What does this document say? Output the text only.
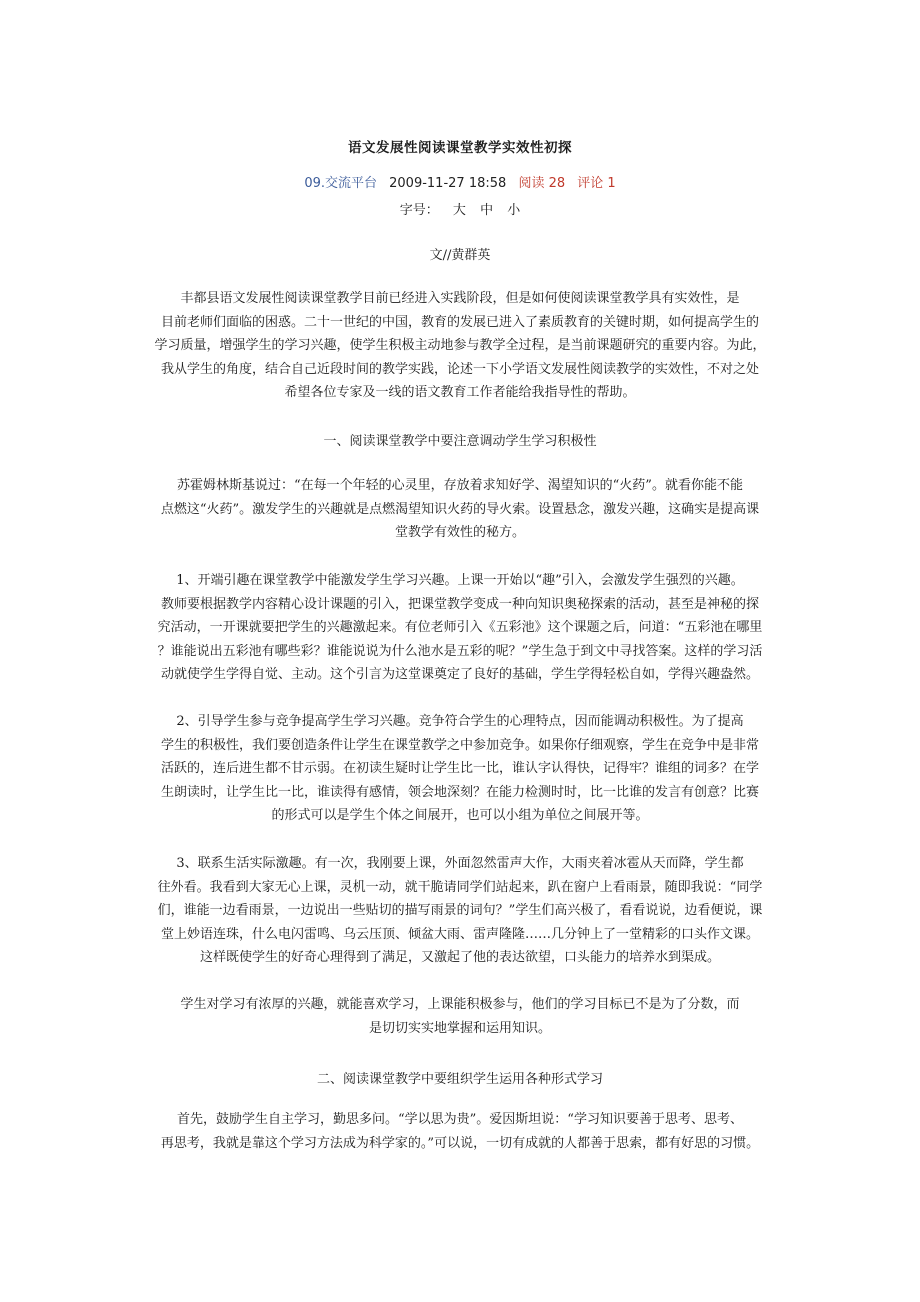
语文发展性阅读课堂教学实效性初探
09.交流平台 2009-11-27 18:58 阅读 28 评论 1
字号： 大 中 小
文//黄群英

丰都县语文发展性阅读课堂教学目前已经进入实践阶段，但是如何使阅读课堂教学具有实效性，是
目前老师们面临的困惑。二十一世纪的中国，教育的发展已进入了素质教育的关键时期，如何提高学生的
学习质量，增强学生的学习兴趣，使学生积极主动地参与教学全过程，是当前课题研究的重要内容。为此，
我从学生的角度，结合自己近段时间的教学实践，论述一下小学语文发展性阅读教学的实效性，不对之处
希望各位专家及一线的语文教育工作者能给我指导性的帮助。

一、阅读课堂教学中要注意调动学生学习积极性

苏霍姆林斯基说过：“在每一个年轻的心灵里，存放着求知好学、渴望知识的“火药”。就看你能不能
点燃这“火药”。激发学生的兴趣就是点燃渴望知识火药的导火索。设置悬念，激发兴趣，这确实是提高课
堂教学有效性的秘方。

1、开端引趣在课堂教学中能激发学生学习兴趣。上课一开始以“趣”引入，会激发学生强烈的兴趣。
教师要根据教学内容精心设计课题的引入，把课堂教学变成一种向知识奥秘探索的活动，甚至是神秘的探
究活动，一开课就要把学生的兴趣激起来。有位老师引入《五彩池》这个课题之后，问道：“五彩池在哪里
？谁能说出五彩池有哪些彩？谁能说说为什么池水是五彩的呢？”学生急于到文中寻找答案。这样的学习活
动就使学生学得自觉、主动。这个引言为这堂课奠定了良好的基础，学生学得轻松自如，学得兴趣盎然。

2、引导学生参与竞争提高学生学习兴趣。竞争符合学生的心理特点，因而能调动积极性。为了提高
学生的积极性，我们要创造条件让学生在课堂教学之中参加竞争。如果你仔细观察，学生在竞争中是非常
活跃的，连后进生都不甘示弱。在初读生疑时让学生比一比，谁认字认得快，记得牢？谁组的词多？在学
生朗读时，让学生比一比，谁读得有感情，领会地深刻？在能力检测时时，比一比谁的发言有创意？比赛
的形式可以是学生个体之间展开，也可以小组为单位之间展开等。

3、联系生活实际激趣。有一次，我刚要上课，外面忽然雷声大作，大雨夹着冰雹从天而降，学生都
往外看。我看到大家无心上课，灵机一动，就干脆请同学们站起来，趴在窗户上看雨景，随即我说：“同学
们，谁能一边看雨景，一边说出一些贴切的描写雨景的词句？”学生们高兴极了，看看说说，边看便说，课
堂上妙语连珠，什么电闪雷鸣、乌云压顶、倾盆大雨、雷声隆隆……几分钟上了一堂精彩的口头作文课。
这样既使学生的好奇心理得到了满足，又激起了他的表达欲望，口头能力的培养水到渠成。

学生对学习有浓厚的兴趣，就能喜欢学习，上课能积极参与，他们的学习目标已不是为了分数，而
是切切实实地掌握和运用知识。

二、阅读课堂教学中要组织学生运用各种形式学习

首先，鼓励学生自主学习，勤思多问。“学以思为贵”。爱因斯坦说：“学习知识要善于思考、思考、
再思考，我就是靠这个学习方法成为科学家的。”可以说，一切有成就的人都善于思索，都有好思的习惯。
